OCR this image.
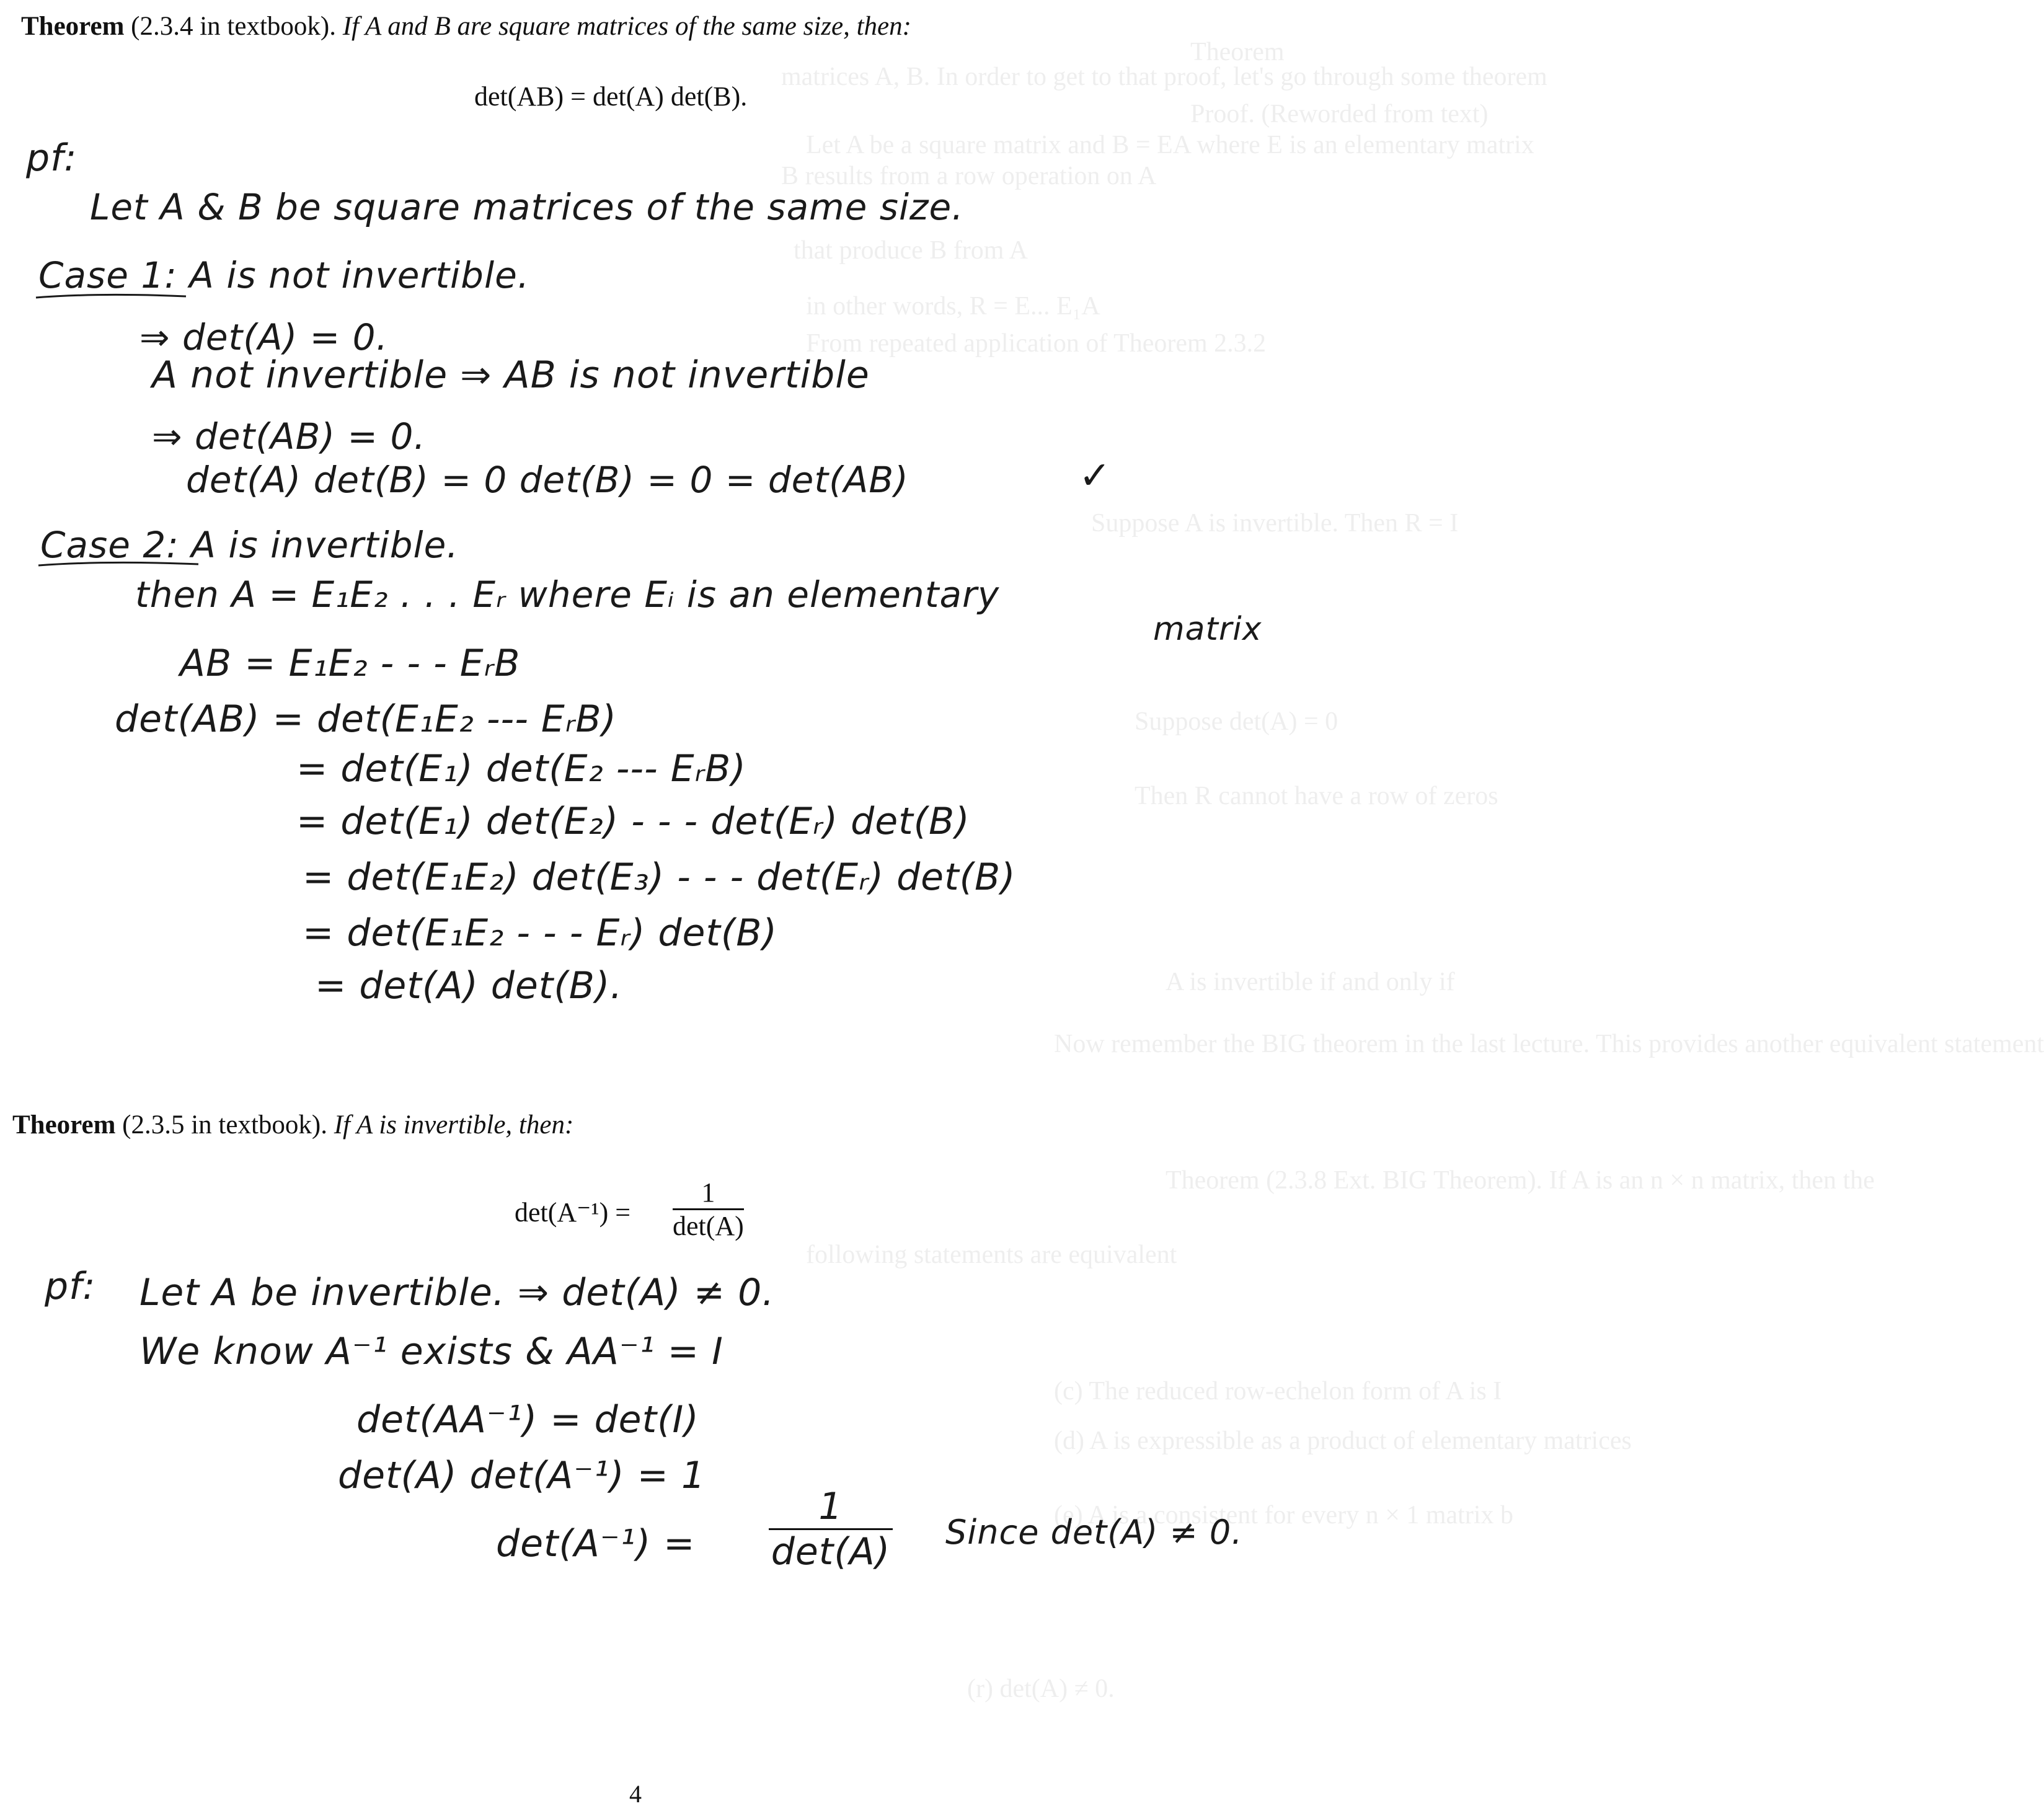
Theorem
matrices A, B. In order to get to that proof, let's go through some theorem
Proof. (Reworded from text)
Let A be a square matrix and B = EA where E is an elementary matrix
B results from a row operation on A
that produce B from A
in other words, R = E... E₁A
From repeated application of Theorem 2.3.2
Suppose A is invertible. Then R = I
Suppose det(A) = 0
Then R cannot have a row of zeros
A is invertible if and only if
Now remember the BIG theorem in the last lecture. This provides another equivalent statement
Theorem (2.3.8 Ext. BIG Theorem). If A is an n × n matrix, then the
following statements are equivalent
(c) The reduced row-echelon form of A is I
(d) A is expressible as a product of elementary matrices
(e) A is a consistent for every n × 1 matrix b
(r) det(A) ≠ 0.
Theorem (2.3.4 in textbook). If A and B are square matrices of the same size, then:
det(AB) = det(A) det(B).
pf:
Let A & B be square matrices of the same size.
Case 1: A is not invertible.
⇒ det(A) = 0.
A not invertible ⇒ AB is not invertible
⇒ det(AB) = 0.
det(A) det(B) = 0 det(B) = 0 = det(AB)	✓
Case 2: A is invertible.
then A = E₁E₂ . . . Eᵣ where Eᵢ is an elementary
matrix
AB = E₁E₂ - - - EᵣB
det(AB) = det(E₁E₂ --- EᵣB)
= det(E₁) det(E₂ --- EᵣB)
= det(E₁) det(E₂) - - - det(Eᵣ) det(B)
= det(E₁E₂) det(E₃) - - - det(Eᵣ) det(B)
= det(E₁E₂ - - - Eᵣ) det(B)
= det(A) det(B).
Theorem (2.3.5 in textbook). If A is invertible, then:
det(A⁻¹) =
1
det(A)
pf: Let A be invertible. ⇒ det(A) ≠ 0.
We know A⁻¹ exists & AA⁻¹ = I
det(AA⁻¹) = det(I)
det(A) det(A⁻¹) = 1
det(A⁻¹) =
1
det(A) Since det(A) ≠ 0.
4
